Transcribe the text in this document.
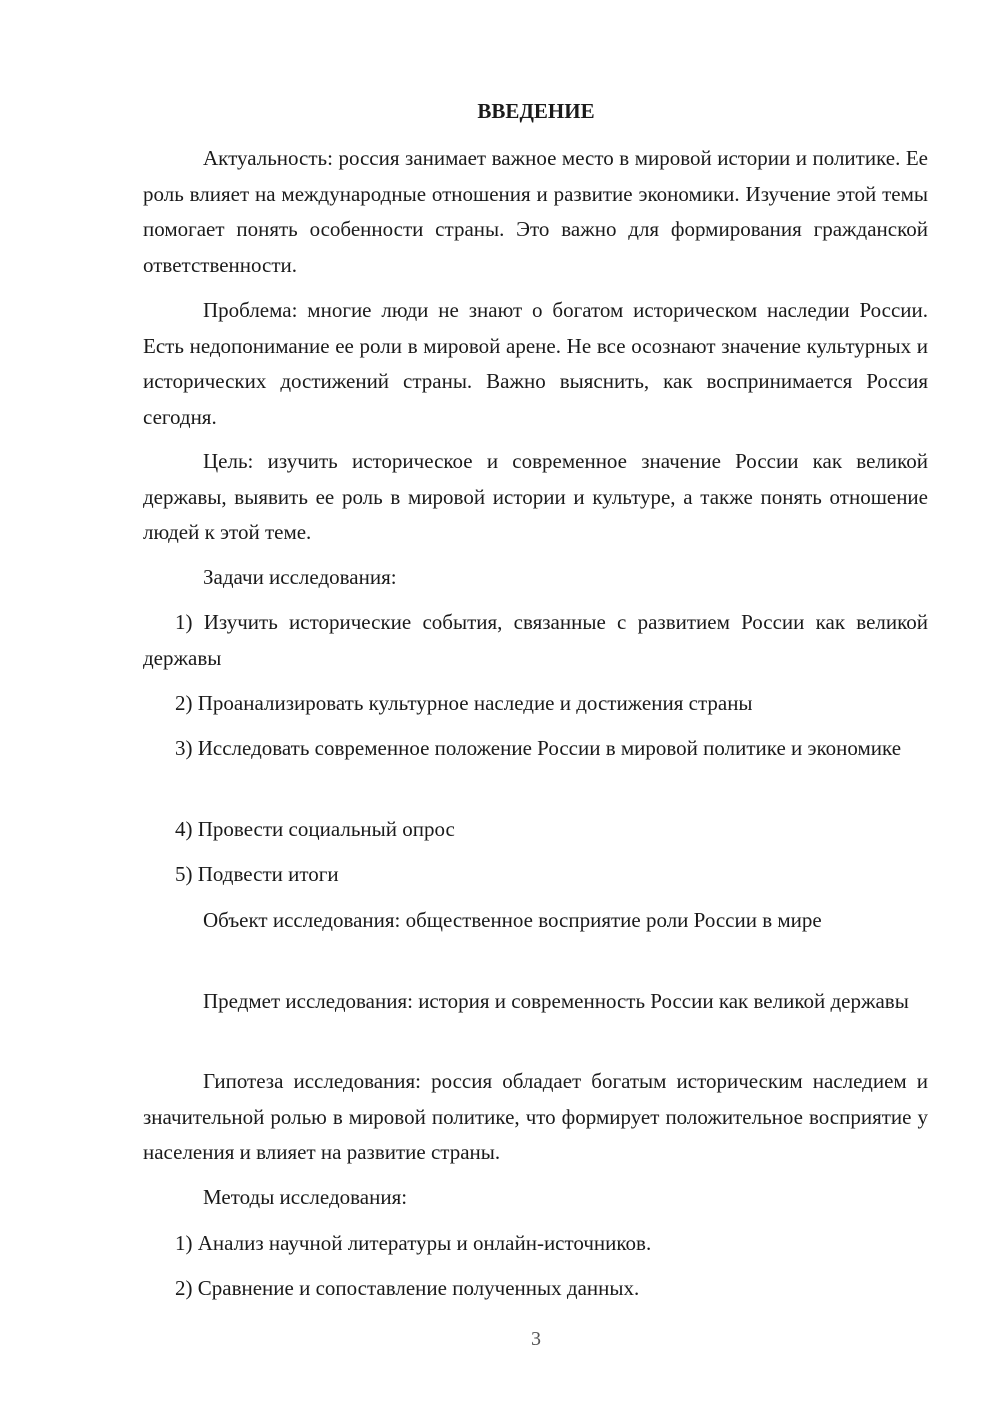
ВВЕДЕНИЕ

Актуальность: россия занимает важное место в мировой истории и политике. Ее роль влияет на международные отношения и развитие экономики. Изучение этой темы помогает понять особенности страны. Это важно для формирования гражданской ответственности.

Проблема: многие люди не знают о богатом историческом наследии России. Есть недопонимание ее роли в мировой арене. Не все осознают значение культурных и исторических достижений страны. Важно выяснить, как воспринимается Россия сегодня.

Цель: изучить историческое и современное значение России как великой державы, выявить ее роль в мировой истории и культуре, а также понять отношение людей к этой теме.

Задачи исследования:

1) Изучить исторические события, связанные с развитием России как великой державы

2) Проанализировать культурное наследие и достижения страны

3) Исследовать современное положение России в мировой политике и экономике

4) Провести социальный опрос

5) Подвести итоги

Объект исследования: общественное восприятие роли России в мире

Предмет исследования: история и современность России как великой державы

Гипотеза исследования: россия обладает богатым историческим наследием и значительной ролью в мировой политике, что формирует положительное восприятие у населения и влияет на развитие страны.

Методы исследования:

1) Анализ научной литературы и онлайн-источников.

2) Сравнение и сопоставление полученных данных.

3
